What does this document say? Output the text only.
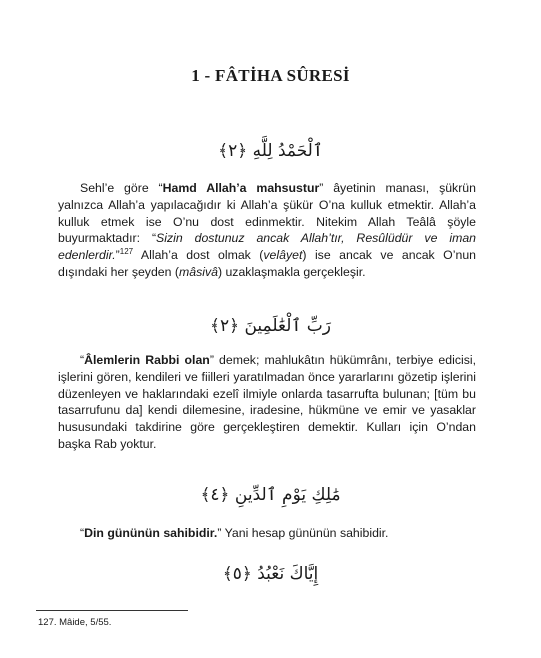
1 - FÂTİHA SÛRESİ
ٱلْحَمْدُ لِلَّهِ ﴿٢﴾

Sehl’e göre “Hamd Allah’a mahsustur” âyetinin manası, şükrün yalnızca Allah’a yapılacağıdır ki Allah’a şükür O’na kulluk etmektir. Allah’a kulluk etmek ise O’nu dost edinmektir. Nitekim Allah Teâlâ şöyle buyurmaktadır: “Sizin dostunuz ancak Allah’tır, Resûlüdür ve iman edenlerdir.”$^{127}$ Allah’a dost olmak (velâyet) ise ancak ve ancak O’nun dışındaki her şeyden (mâsivâ) uzaklaşmakla gerçekleşir.

رَبِّ ٱلْعَٰلَمِينَ ﴿٢﴾

“Âlemlerin Rabbi olan” demek; mahlukâtın hükümrânı, terbiye edicisi, işlerini gören, kendileri ve fiilleri yaratılmadan önce yararlarını gözetip işlerini düzenleyen ve haklarındaki ezelî ilmiyle onlarda tasarrufta bulunan; [tüm bu tasarrufunu da] kendi dilemesine, iradesine, hükmüne ve emir ve yasaklar hususundaki takdirine göre gerçekleştiren demektir. Kulları için O’ndan başka Rab yoktur.

مَٰلِكِ يَوْمِ ٱلدِّينِ ﴿٤﴾

“Din gününün sahibidir.” Yani hesap gününün sahibidir.

إِيَّاكَ نَعْبُدُ ﴿٥﴾
127. Mâide, 5/55.
